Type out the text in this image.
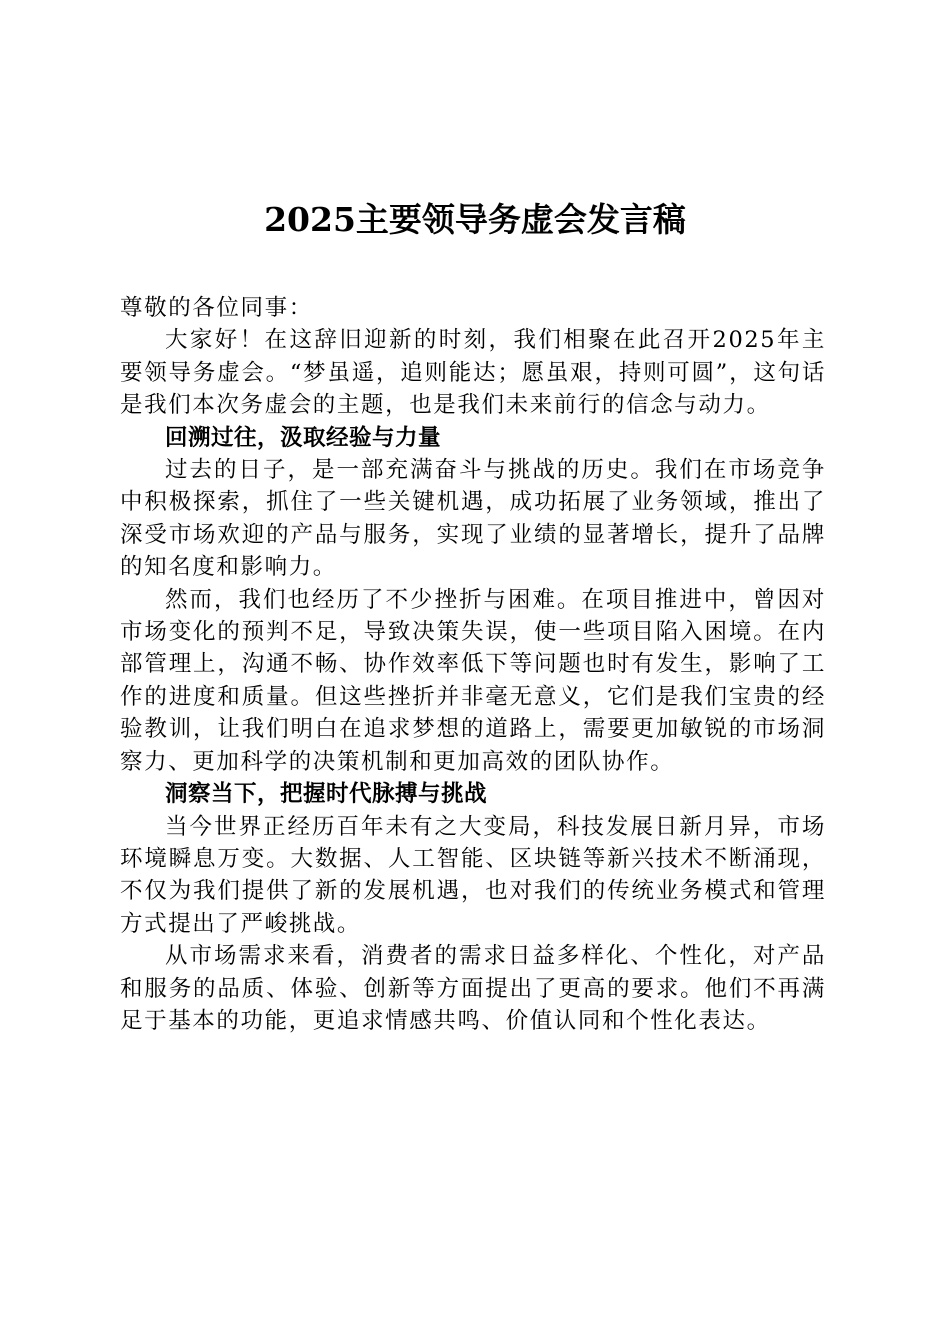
2025主要领导务虚会发言稿

尊敬的各位同事：

大家好！在这辞旧迎新的时刻，我们相聚在此召开2025年主要领导务虚会。“梦虽遥，追则能达；愿虽艰，持则可圆”，这句话是我们本次务虚会的主题，也是我们未来前行的信念与动力。

回溯过往，汲取经验与力量

过去的日子，是一部充满奋斗与挑战的历史。我们在市场竞争中积极探索，抓住了一些关键机遇，成功拓展了业务领域，推出了深受市场欢迎的产品与服务，实现了业绩的显著增长，提升了品牌的知名度和影响力。

然而，我们也经历了不少挫折与困难。在项目推进中，曾因对市场变化的预判不足，导致决策失误，使一些项目陷入困境。在内部管理上，沟通不畅、协作效率低下等问题也时有发生，影响了工作的进度和质量。但这些挫折并非毫无意义，它们是我们宝贵的经验教训，让我们明白在追求梦想的道路上，需要更加敏锐的市场洞察力、更加科学的决策机制和更加高效的团队协作。

洞察当下，把握时代脉搏与挑战

当今世界正经历百年未有之大变局，科技发展日新月异，市场环境瞬息万变。大数据、人工智能、区块链等新兴技术不断涌现，不仅为我们提供了新的发展机遇，也对我们的传统业务模式和管理方式提出了严峻挑战。

从市场需求来看，消费者的需求日益多样化、个性化，对产品和服务的品质、体验、创新等方面提出了更高的要求。他们不再满足于基本的功能，更追求情感共鸣、价值认同和个性化表达。
